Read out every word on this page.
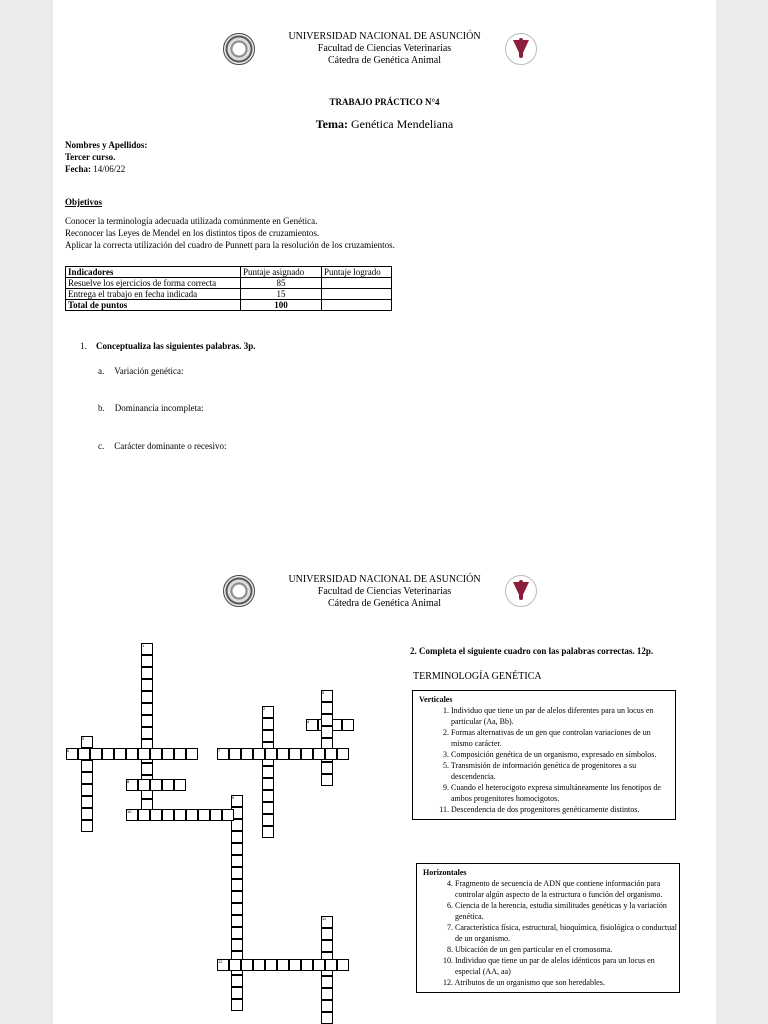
UNIVERSIDAD NACIONAL DE ASUNCIÓN
Facultad de Ciencias Veterinarias
Cátedra de Genética Animal
TRABAJO PRÁCTICO N°4
Tema: Genética Mendeliana
Nombres y Apellidos:
Tercer curso.
Fecha: 14/06/22
Objetivos
Conocer la terminología adecuada utilizada comúnmente en Genética.
Reconocer las Leyes de Mendel en los distintos tipos de cruzamientos.
Aplicar la correcta utilización del cuadro de Punnett para la resolución de los cruzamientos.
Indicadores	Puntaje asignado	Puntaje logrado
Resuelve los ejercicios de forma correcta	85	
Entrega el trabajo en fecha indicada	15	
Total de puntos	100	
1. Conceptualiza las siguientes palabras. 3p.
a. Variación genética:
b. Dominancia incompleta:
c. Carácter dominante o recesivo:
UNIVERSIDAD NACIONAL DE ASUNCIÓN
Facultad de Ciencias Veterinarias
Cátedra de Genética Animal
1
2
3
4
5
6	7
8
9
10
11
12
2. Completa el siguiente cuadro con las palabras correctas. 12p.
TERMINOLOGÍA GENÉTICA
Verticales
1. Individuo que tiene un par de alelos diferentes para un locus en particular (Aa, Bb).
2. Formas alternativas de un gen que controlan variaciones de un mismo carácter.
3. Composición genética de un organismo, expresado en símbolos.
5. Transmisión de información genética de progenitores a su descendencia.
9. Cuando el heterocigoto expresa simultáneamente los fenotipos de ambos progenitores homocigotos.
11. Descendencia de dos progenitores genéticamente distintos.
Horizontales
4. Fragmento de secuencia de ADN que contiene información para controlar algún aspecto de la estructura o función del organismo.
6. Ciencia de la herencia, estudia similitudes genéticas y la variación genética.
7. Característica física, estructural, bioquímica, fisiológica o conductual de un organismo.
8. Ubicación de un gen particular en el cromosoma.
10. Individuo que tiene un par de alelos idénticos para un locus en especial (AA, aa)
12. Atributos de un organismo que son heredables.
